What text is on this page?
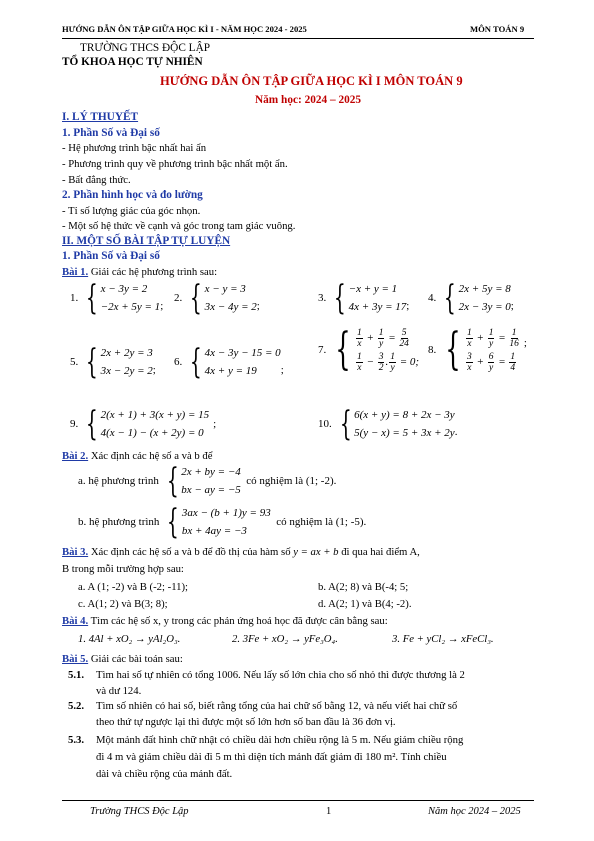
HƯỚNG DẪN ÔN TẬP GIỮA HỌC KÌ I - NĂM HỌC 2024 - 2025	MÔN TOÁN 9
TRƯỜNG THCS ĐỘC LẬP
TỔ KHOA HỌC TỰ NHIÊN
HƯỚNG DẪN ÔN TẬP GIỮA HỌC KÌ I MÔN TOÁN 9
Năm học: 2024 – 2025
I. LÝ THUYẾT
1. Phần Số và Đại số
- Hệ phương trình bậc nhất hai ẩn
- Phương trình quy về phương trình bậc nhất một ẩn.
- Bất đẳng thức.
2. Phần hình học và đo lường
- Tỉ số lượng giác của góc nhọn.
- Một số hệ thức về cạnh và góc trong tam giác vuông.
II. MỘT SỐ BÀI TẬP TỰ LUYỆN
1. Phần Số và Đại số
Bài 1. Giải các hệ phương trình sau:
1.
{ x − 3y = 2
−2x + 5y = 1 ;
2.
{ x − y = 3
3x − 4y = 2 ;
3.
{ −x + y = 1
4x + 3y = 17 ;
4.
{ 2x + 5y = 8
2x − 3y = 0 ;
5.
{ 2x + 2y = 3
3x − 2y = 2 ;
6.
{ 4x − 3y − 15 = 0
4x + y = 19	;
7.
{ $\frac{1}{x} + \frac{1}{y} = \frac{5}{24}$
$\frac{1}{x} - \frac{3}{2}$ . $\frac{1}{y} = 0$;
8.
{ $\frac{1}{x} + \frac{1}{y} = \frac{1}{16}$
$\frac{3}{x} + \frac{6}{y} = \frac{1}{4}$
;
9.
{ 2(x + 1) + 3(x + y) = 15
4(x − 1) − (x + 2y) = 0
;	10.
{ 6(x + y) = 8 + 2x − 3y
5(y − x) = 5 + 3x + 2y .
Bài 2. Xác định các hệ số a và b để
a. hệ phương trình
{ 2x + by = −4
bx − ay = −5

có nghiệm là (1; -2).
b. hệ phương trình
{ 3ax − (b + 1)y = 93
bx + 4ay = −3

có nghiệm là (1; -5).
Bài 3. Xác định các hệ số a và b để đồ thị của hàm số y = ax + b đi qua hai điểm A,
B trong mỗi trường hợp sau:
a. A (1; -2) và B (-2; -11);	b. A(2; 8) và B(-4; 5;
c. A(1; 2) và B(3; 8);	d. A(2; 1) và B(4; -2).
Bài 4. Tìm các hệ số x, y trong các phản ứng hoá học đã được cân bằng sau:
1. 4Al + xO₂ → yAl₂O₃.	2. 3Fe + xO₂ → yFe₃O₄.	3. Fe + yCl₂ → xFeCl₃.
Bài 5. Giải các bài toán sau:
5.1. Tìm hai số tự nhiên có tổng 1006. Nếu lấy số lớn chia cho số nhỏ thì được thương là 2
và dư 124.
5.2. Tìm số nhiên có hai số, biết rằng tổng của hai chữ số bằng 12, và nếu viết hai chữ số
theo thứ tự ngược lại thì được một số lớn hơn số ban đầu là 36 đơn vị.
5.3. Một mảnh đất hình chữ nhật có chiều dài hơn chiều rộng là 5 m. Nếu giảm chiều rộng
đi 4 m và giảm chiều dài đi 5 m thì diện tích mảnh đất giảm đi 180 m². Tính chiều
dài và chiều rộng của mảnh đất.
Trường THCS Độc Lập	1	Năm học 2024 – 2025
